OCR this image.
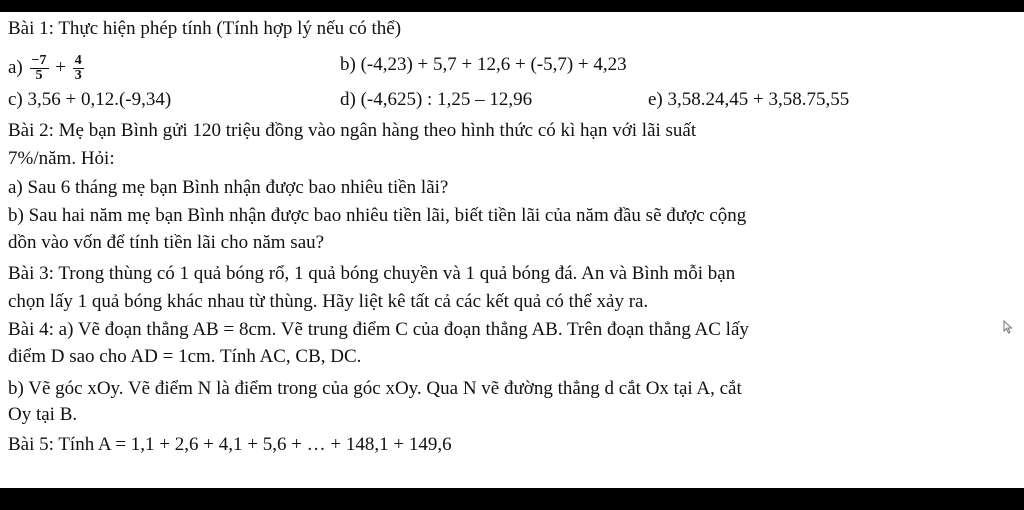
Bài 1: Thực hiện phép tính (Tính hợp lý nếu có thể)
$a) \frac{-7}{5} + \frac{4}{3}$	b) (-4,23) + 5,7 + 12,6 + (-5,7) + 4,23
c) 3,56 + 0,12.(-9,34)	d) (-4,625) : 1,25 – 12,96	e) 3,58.24,45 + 3,58.75,55
Bài 2: Mẹ bạn Bình gửi 120 triệu đồng vào ngân hàng theo hình thức có kì hạn với lãi suất
7%/năm. Hỏi:
a) Sau 6 tháng mẹ bạn Bình nhận được bao nhiêu tiền lãi?
b) Sau hai năm mẹ bạn Bình nhận được bao nhiêu tiền lãi, biết tiền lãi của năm đầu sẽ được cộng
dồn vào vốn để tính tiền lãi cho năm sau?
Bài 3: Trong thùng có 1 quả bóng rổ, 1 quả bóng chuyền và 1 quả bóng đá. An và Bình mỗi bạn
chọn lấy 1 quả bóng khác nhau từ thùng. Hãy liệt kê tất cả các kết quả có thể xảy ra.
Bài 4: a) Vẽ đoạn thẳng AB = 8cm. Vẽ trung điểm C của đoạn thẳng AB. Trên đoạn thẳng AC lấy
điểm D sao cho AD = 1cm. Tính AC, CB, DC.
b) Vẽ góc xOy. Vẽ điểm N là điểm trong của góc xOy. Qua N vẽ đường thẳng d cắt Ox tại A, cắt
Oy tại B.
Bài 5: Tính A = 1,1 + 2,6 + 4,1 + 5,6 + … + 148,1 + 149,6
